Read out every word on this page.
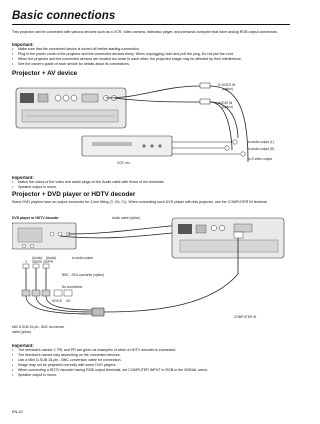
Basic connections
This projector can be connected with various devices such as a VCR, video camera, videodisc player, and personal computer that have analog RGB output connectors.
Important:
• Make sure that the connected device is turned off before starting connection.
• Plug in the power cords of the projector and the connected devices firmly. When unplugging, hold and pull the plug. Do not pull the cord.
• When the projector and the connected devices are located too close to each other, the projected image may be affected by their interference.
• See the owner's guide of each device for details about its connections.
Projector + AV device
S-VIDEO IN
(option)
AUDIO IN
(option)
VCR, etc.
to audio output (L)
to audio output (R)
to S-video output
Important:
• Match the colors of the video and audio plugs on the Audio cable with those of the terminals.
• Speaker output is mono.
Projector + DVD player or HDTV decoder
Some DVD players have an output connector for 3-line fitting (Y, Cb, Cr). When connecting such DVD player with this projector, use the COMPUTER IN terminal.
DVD player or HDTV decoder	Audio cable (option)
(Audio) (Audio)	to audio output
Y CB/PB CR/PR
BNC - RCA converter (option)
No connection
HD/CS VD
COMPUTER IN
Mini D-SUB 15-pin - BNC conversion
cable (option)
Important:
• The terminal's names Y, PB, and PR are given as examples of when a HDTV decoder is connected.
• The terminal's names vary depending on the connected devices.
• Use a Mini D-SUB 15-pin - BNC conversion cable for connection.
• Image may not be projected correctly with some DVD players.
• When connecting a HDTV decoder having RGB output terminals, set COMPUTER INPUT to RGB in the SIGNAL menu.
• Speaker output is mono.
EN-10
